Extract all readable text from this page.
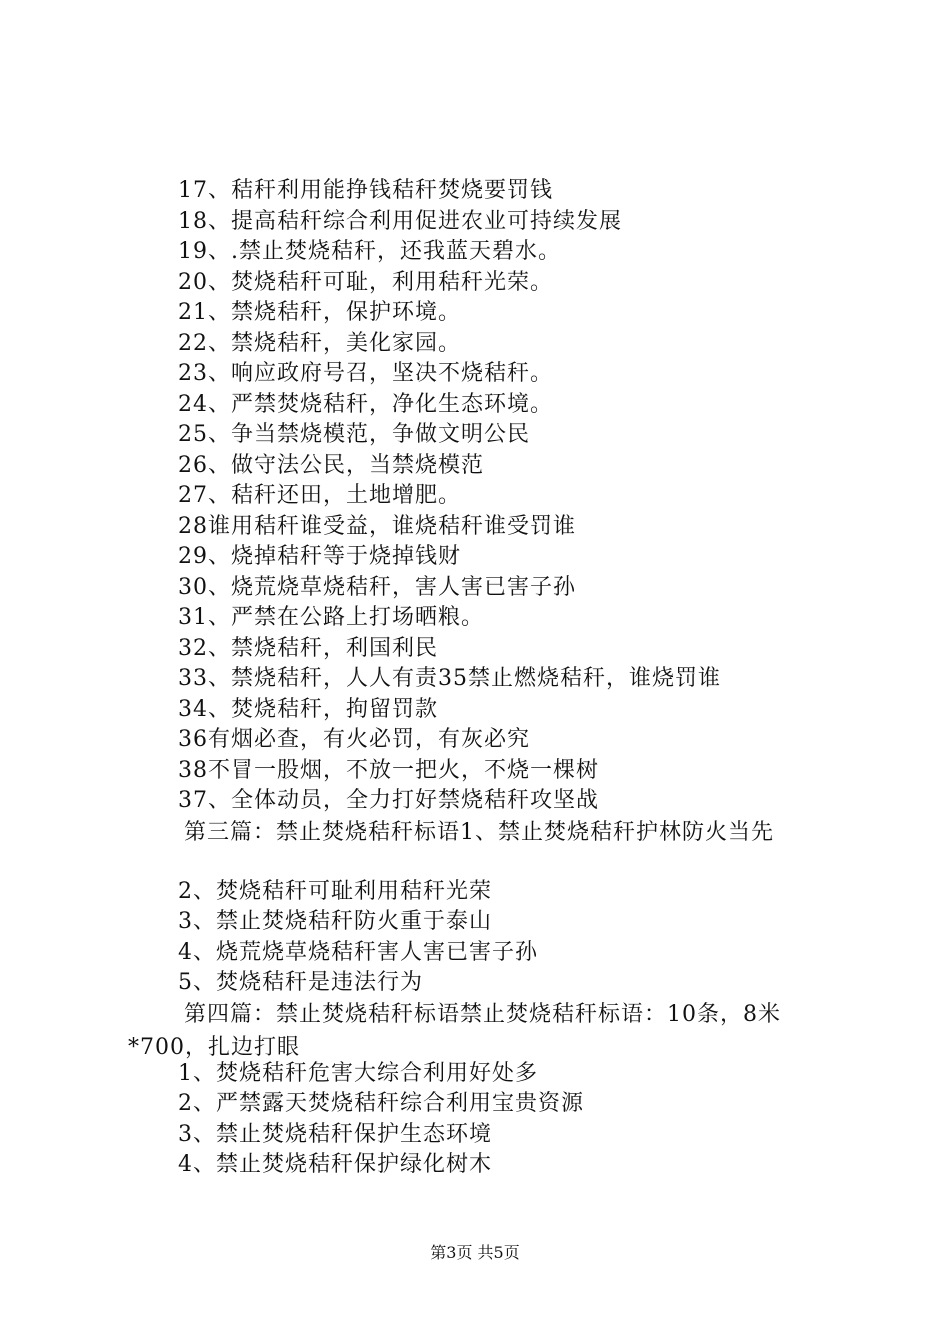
17、秸秆利用能挣钱秸秆焚烧要罚钱
18、提高秸秆综合利用促进农业可持续发展
19、.禁止焚烧秸秆，还我蓝天碧水。
20、焚烧秸秆可耻，利用秸秆光荣。
21、禁烧秸秆，保护环境。
22、禁烧秸秆，美化家园。
23、响应政府号召，坚决不烧秸秆。
24、严禁焚烧秸秆，净化生态环境。
25、争当禁烧模范，争做文明公民
26、做守法公民，当禁烧模范
27、秸秆还田，土地增肥。
28谁用秸秆谁受益，谁烧秸秆谁受罚谁
29、烧掉秸秆等于烧掉钱财
30、烧荒烧草烧秸秆，害人害已害子孙
31、严禁在公路上打场晒粮。
32、禁烧秸秆，利国利民
33、禁烧秸秆，人人有责35禁止燃烧秸秆，谁烧罚谁
34、焚烧秸秆，拘留罚款
36有烟必查，有火必罚，有灰必究
38不冒一股烟，不放一把火，不烧一棵树
37、全体动员，全力打好禁烧秸秆攻坚战
第三篇：禁止焚烧秸秆标语1、禁止焚烧秸秆护林防火当先
2、焚烧秸秆可耻利用秸秆光荣
3、禁止焚烧秸秆防火重于泰山
4、烧荒烧草烧秸秆害人害已害子孙
5、焚烧秸秆是违法行为
第四篇：禁止焚烧秸秆标语禁止焚烧秸秆标语：10条，8米*700，扎边打眼
1、焚烧秸秆危害大综合利用好处多
2、严禁露天焚烧秸秆综合利用宝贵资源
3、禁止焚烧秸秆保护生态环境
4、禁止焚烧秸秆保护绿化树木
第3页 共5页
